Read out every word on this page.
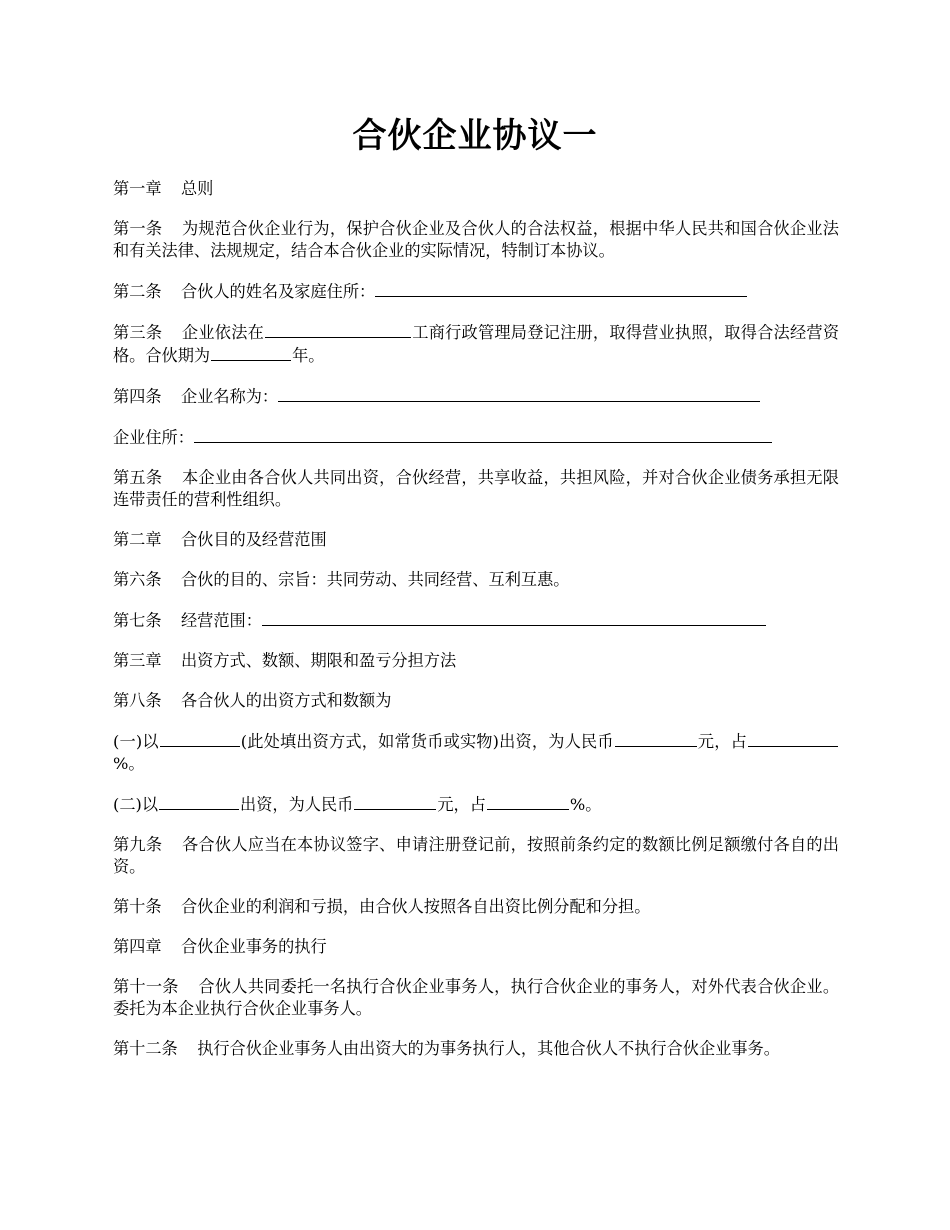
合伙企业协议一

第一章 总则

第一条 为规范合伙企业行为，保护合伙企业及合伙人的合法权益，根据中华人民共和国合伙企业法和有关法律、法规规定，结合本合伙企业的实际情况，特制订本协议。

第二条 合伙人的姓名及家庭住所：

第三条 企业依法在	工商行政管理局登记注册，取得营业执照，取得合法经营资格。合伙期为	年。

第四条 企业名称为：

企业住所：

第五条 本企业由各合伙人共同出资，合伙经营，共享收益，共担风险，并对合伙企业债务承担无限连带责任的营利性组织。

第二章 合伙目的及经营范围

第六条 合伙的目的、宗旨：共同劳动、共同经营、互利互惠。

第七条 经营范围：

第三章 出资方式、数额、期限和盈亏分担方法

第八条 各合伙人的出资方式和数额为

(一)以	(此处填出资方式，如常货币或实物)出资，为人民币	元，占%。

(二)以	出资，为人民币	元，占	%。

第九条 各合伙人应当在本协议签字、申请注册登记前，按照前条约定的数额比例足额缴付各自的出资。

第十条 合伙企业的利润和亏损，由合伙人按照各自出资比例分配和分担。

第四章 合伙企业事务的执行

第十一条 合伙人共同委托一名执行合伙企业事务人，执行合伙企业的事务人，对外代表合伙企业。委托为本企业执行合伙企业事务人。

第十二条 执行合伙企业事务人由出资大的为事务执行人，其他合伙人不执行合伙企业事务。
